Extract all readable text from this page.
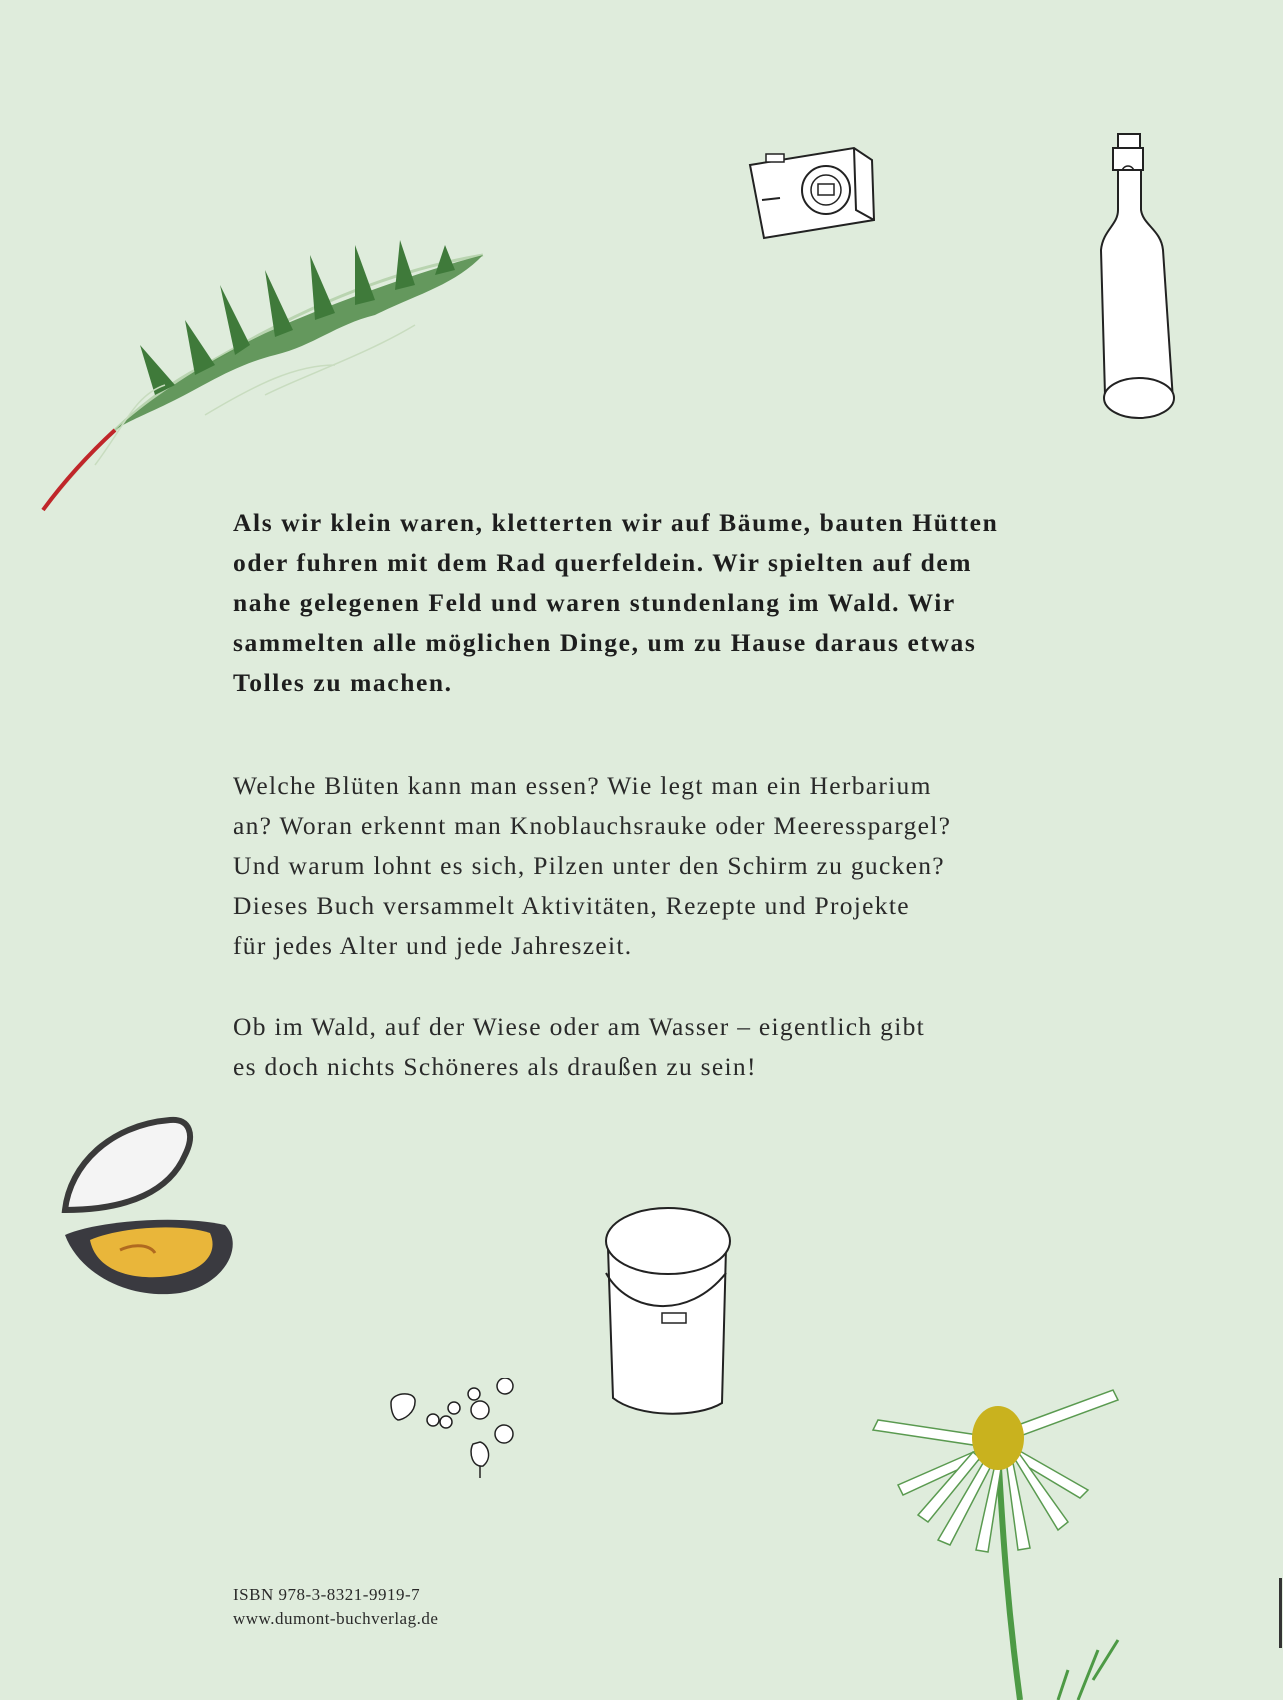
Als wir klein waren, kletterten wir auf Bäume, bauten Hütten
oder fuhren mit dem Rad querfeldein. Wir spielten auf dem
nahe gelegenen Feld und waren stundenlang im Wald. Wir
sammelten alle möglichen Dinge, um zu Hause daraus etwas
Tolles zu machen.
Welche Blüten kann man essen? Wie legt man ein Herbarium
an? Woran erkennt man Knoblauchsrauke oder Meeresspargel?
Und warum lohnt es sich, Pilzen unter den Schirm zu gucken?
Dieses Buch versammelt Aktivitäten, Rezepte und Projekte
für jedes Alter und jede Jahreszeit.
Ob im Wald, auf der Wiese oder am Wasser – eigentlich gibt
es doch nichts Schöneres als draußen zu sein!
ISBN 978-3-8321-9919-7
www.dumont-buchverlag.de
